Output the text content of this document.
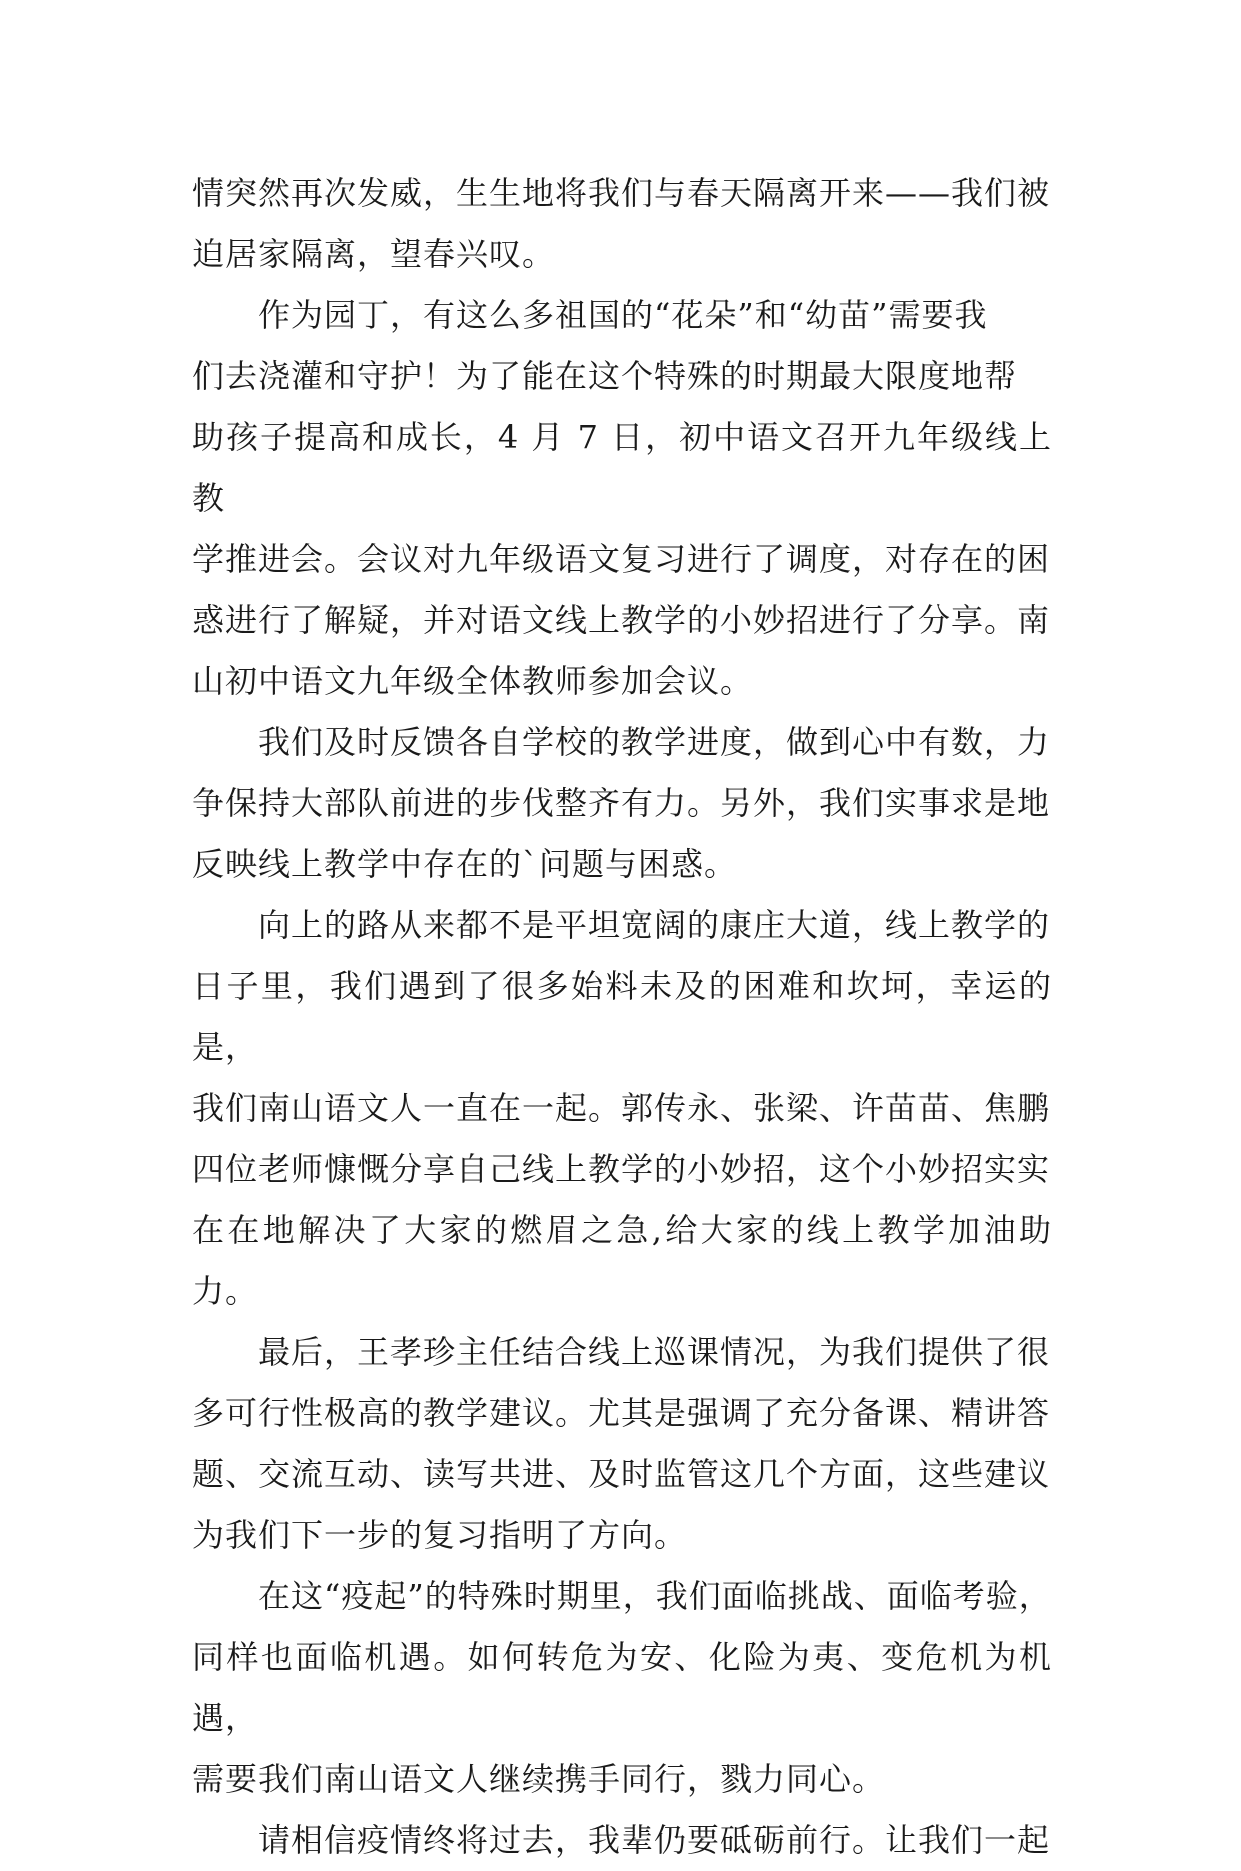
情突然再次发威，生生地将我们与春天隔离开来——我们被
迫居家隔离，望春兴叹。

　　作为园丁，有这么多祖国的“花朵”和“幼苗”需要我
们去浇灌和守护！为了能在这个特殊的时期最大限度地帮
助孩子提高和成长，4 月 7 日，初中语文召开九年级线上教
学推进会。会议对九年级语文复习进行了调度，对存在的困
惑进行了解疑，并对语文线上教学的小妙招进行了分享。南
山初中语文九年级全体教师参加会议。

　　我们及时反馈各自学校的教学进度，做到心中有数，力
争保持大部队前进的步伐整齐有力。另外，我们实事求是地
反映线上教学中存在的`问题与困惑。

　　向上的路从来都不是平坦宽阔的康庄大道，线上教学的
日子里，我们遇到了很多始料未及的困难和坎坷，幸运的是，
我们南山语文人一直在一起。郭传永、张梁、许苗苗、焦鹏
四位老师慷慨分享自己线上教学的小妙招，这个小妙招实实
在在地解决了大家的燃眉之急,给大家的线上教学加油助力。

　　最后，王孝珍主任结合线上巡课情况，为我们提供了很
多可行性极高的教学建议。尤其是强调了充分备课、精讲答
题、交流互动、读写共进、及时监管这几个方面，这些建议
为我们下一步的复习指明了方向。

　　在这“疫起”的特殊时期里，我们面临挑战、面临考验，
同样也面临机遇。如何转危为安、化险为夷、变危机为机遇，
需要我们南山语文人继续携手同行，戮力同心。

　　请相信疫情终将过去，我辈仍要砥砺前行。让我们一起
